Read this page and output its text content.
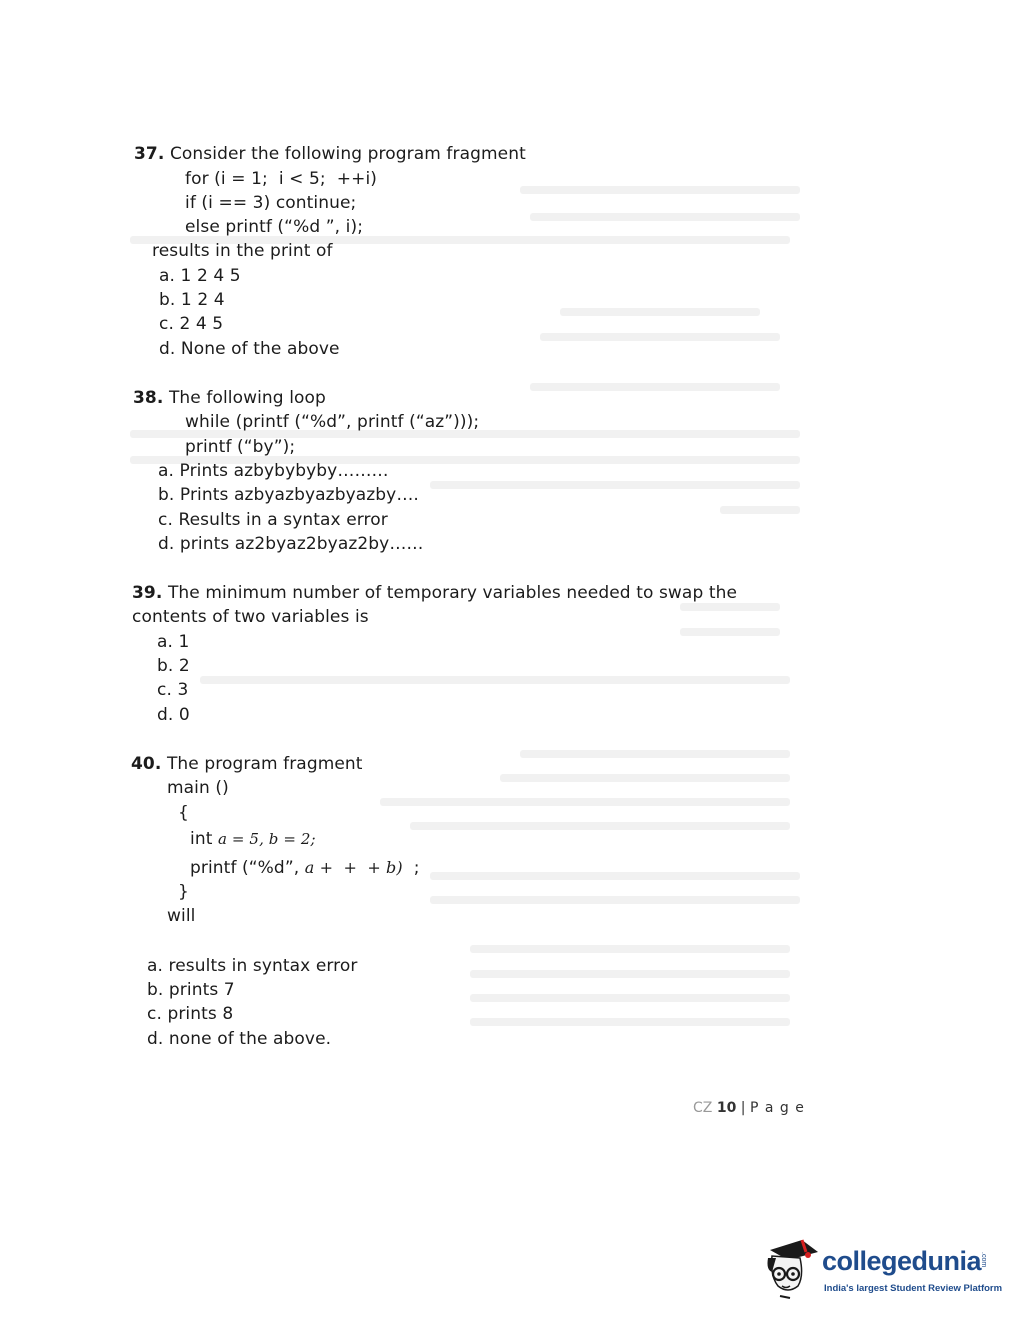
37. Consider the following program fragment
for (i = 1;  i < 5;  ++i)
if (i == 3) continue;
else printf (“%d ”, i);
results in the print of
a. 1 2 4 5
b. 1 2 4
c. 2 4 5
d. None of the above
38. The following loop
while (printf (“%d”, printf (“az”)));
printf (“by”);
a. Prints azbybybyby………
b. Prints azbyazbyazbyazby….
c. Results in a syntax error
d. prints az2byaz2byaz2by……
39. The minimum number of temporary variables needed to swap the
contents of two variables is
a. 1
b. 2
c. 3
d. 0
40. The program fragment
main ()
{
int a = 5, b = 2;
printf (“%d”, a +  +  + b) ;
}
will
a. results in syntax error
b. prints 7
c. prints 8
d. none of the above.
CZ 10 | P a g e
collegedunia
.com
India's largest Student Review Platform
